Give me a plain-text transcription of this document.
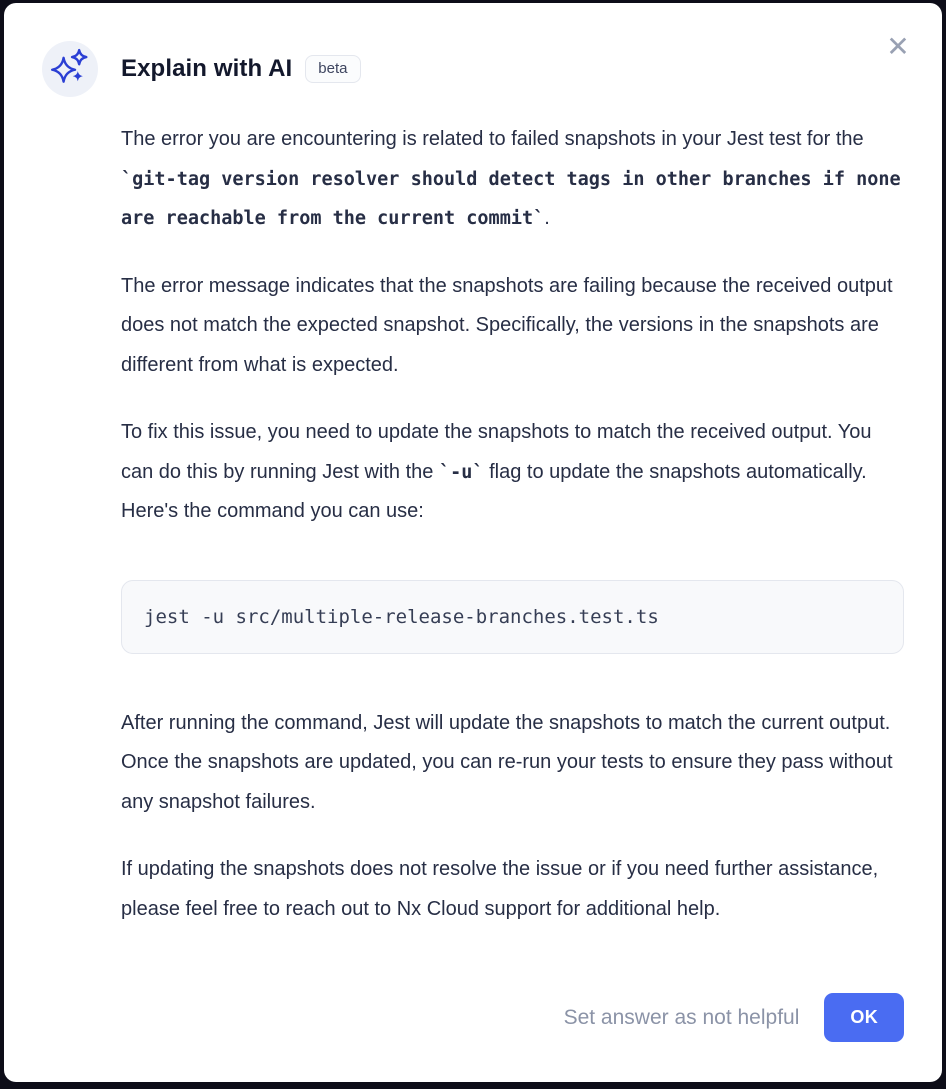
Explain with AI	beta
✕

The error you are encountering is related to failed snapshots in your Jest test for the `git-tag version resolver should detect tags in other branches if none are reachable from the current commit`.

The error message indicates that the snapshots are failing because the received output does not match the expected snapshot. Specifically, the versions in the snapshots are different from what is expected.

To fix this issue, you need to update the snapshots to match the received output. You can do this by running Jest with the `-u` flag to update the snapshots automatically. Here's the command you can use:

jest -u src/multiple-release-branches.test.ts

After running the command, Jest will update the snapshots to match the current output. Once the snapshots are updated, you can re-run your tests to ensure they pass without any snapshot failures.

If updating the snapshots does not resolve the issue or if you need further assistance, please feel free to reach out to Nx Cloud support for additional help.

Set answer as not helpful	OK
